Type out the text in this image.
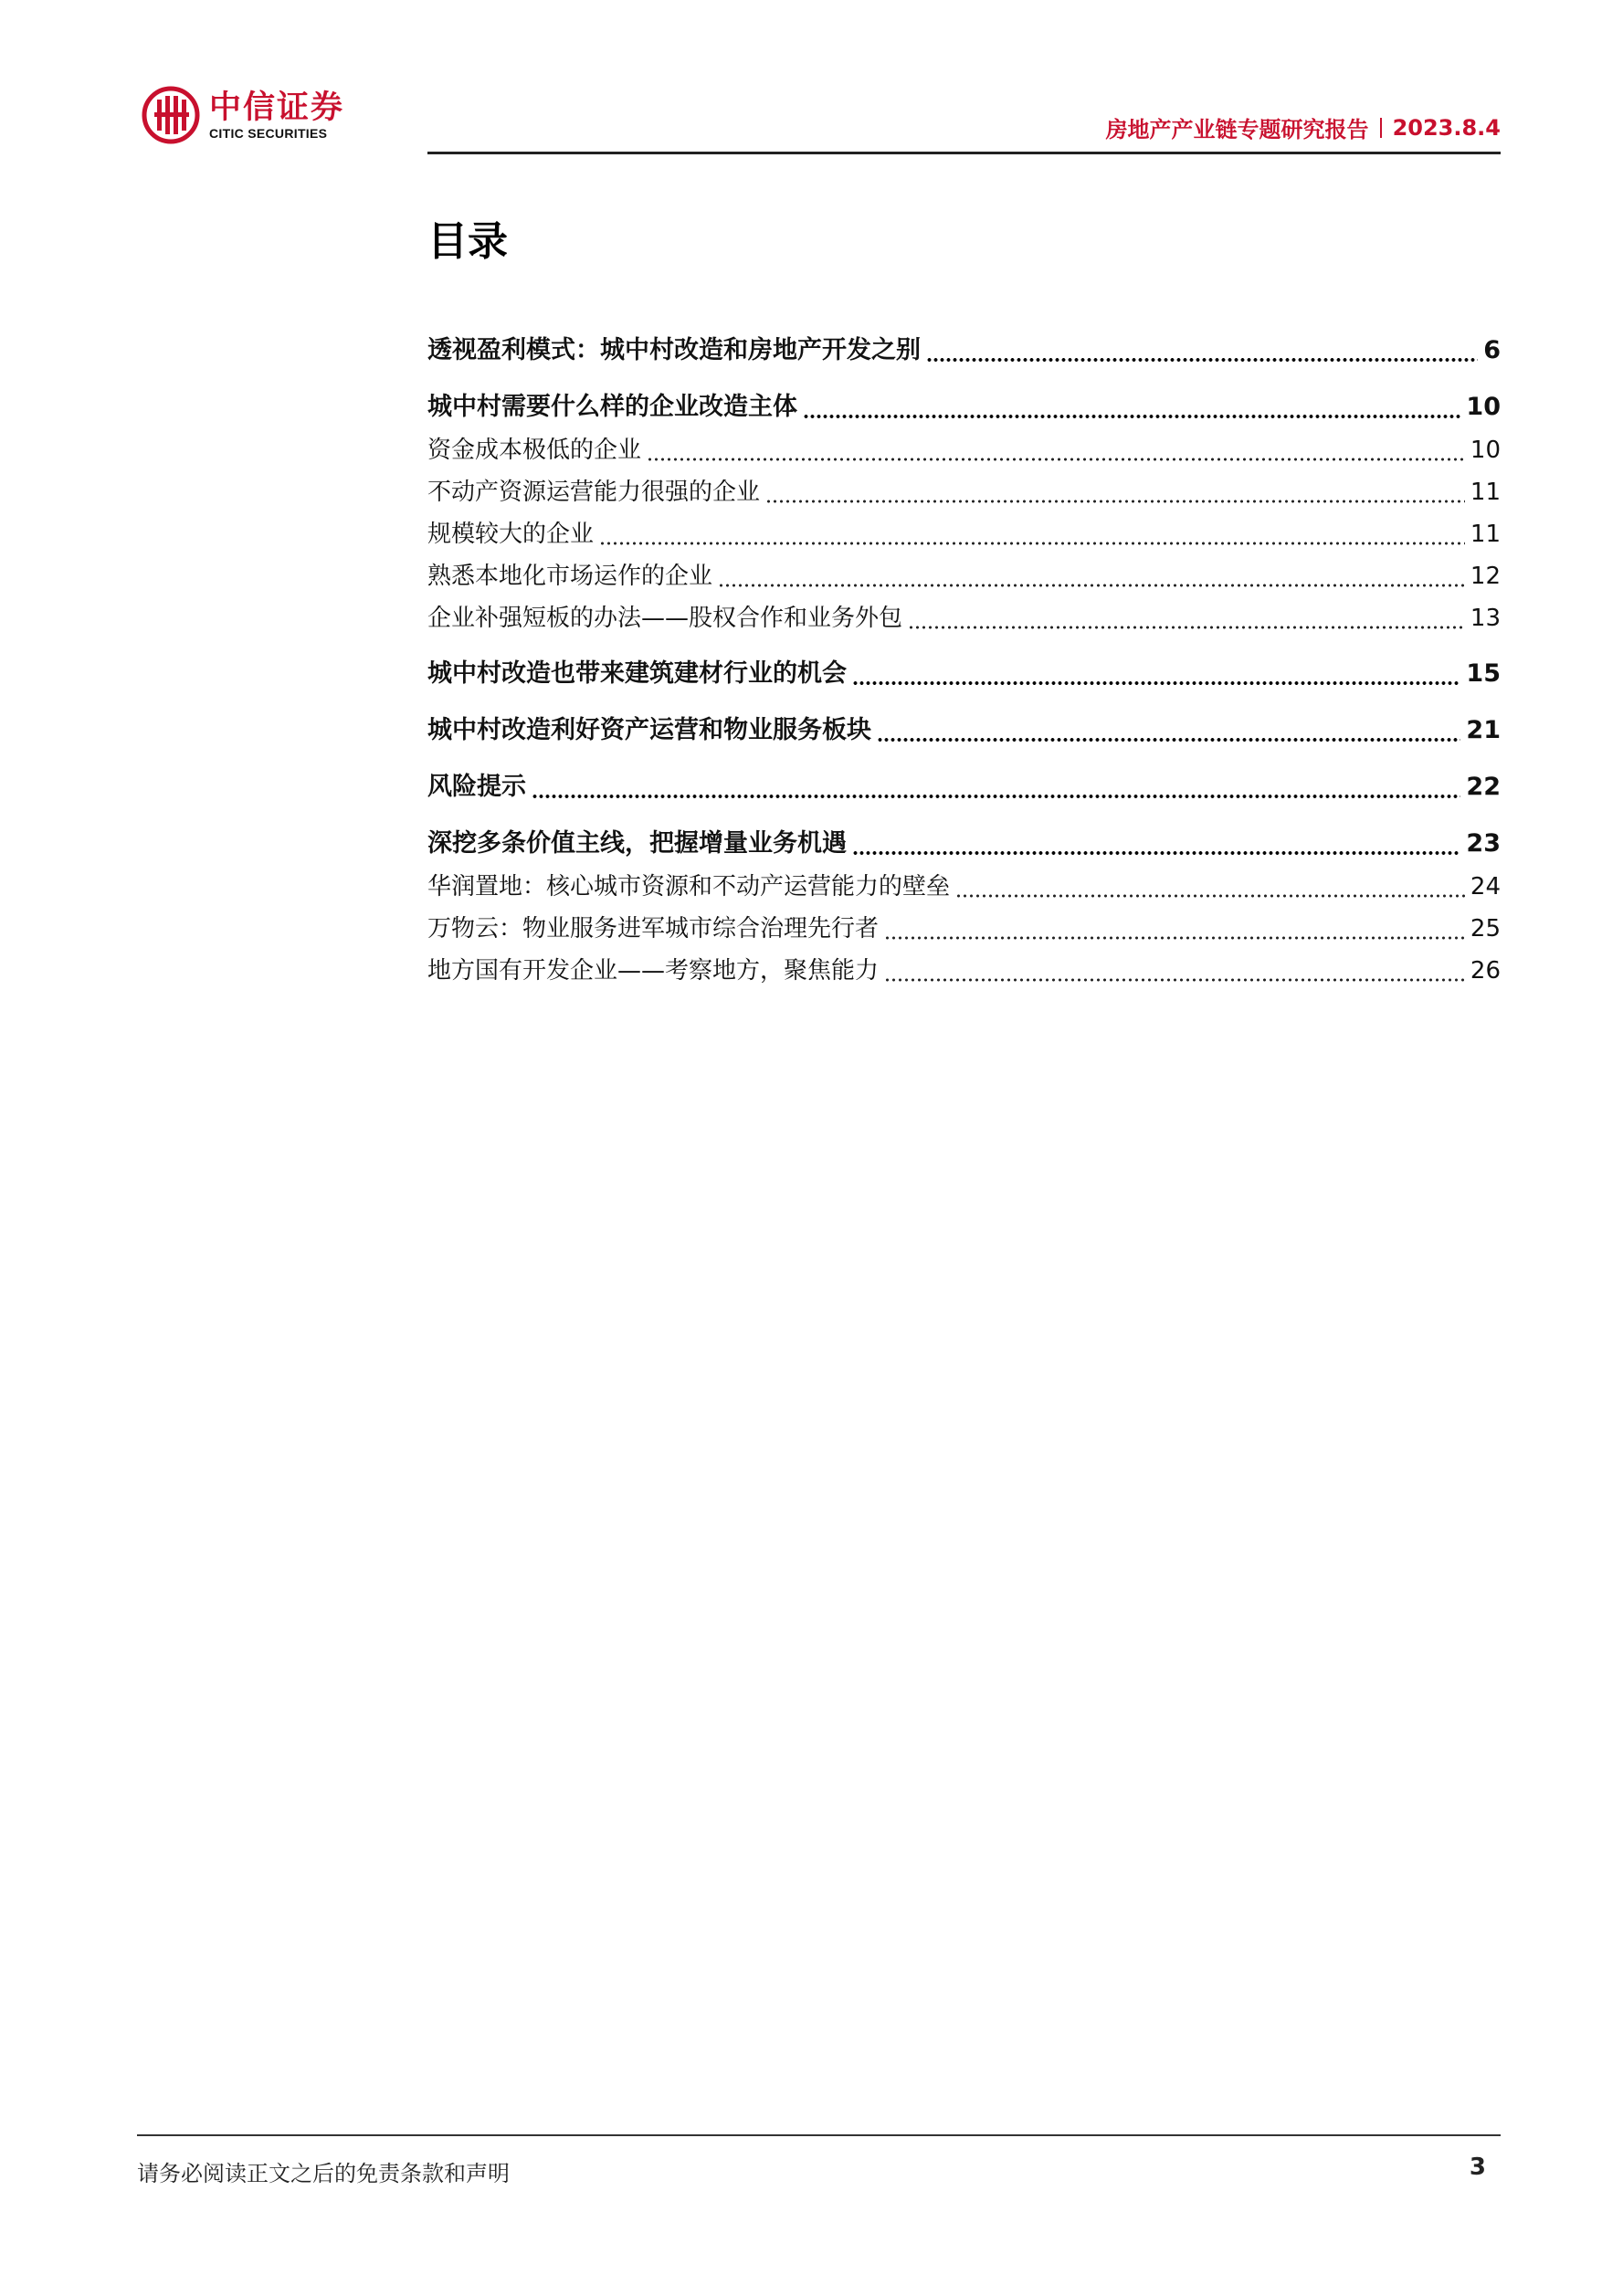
中信证券
CITIC SECURITIES	房地产产业链专题研究报告 2023.8.4
目录
透视盈利模式：城中村改造和房地产开发之别	6
城中村需要什么样的企业改造主体	10
资金成本极低的企业	10
不动产资源运营能力很强的企业	11
规模较大的企业	11
熟悉本地化市场运作的企业	12
企业补强短板的办法——股权合作和业务外包	13
城中村改造也带来建筑建材行业的机会	15
城中村改造利好资产运营和物业服务板块	21
风险提示	22
深挖多条价值主线，把握增量业务机遇	23
华润置地：核心城市资源和不动产运营能力的壁垒	24
万物云：物业服务进军城市综合治理先行者	25
地方国有开发企业——考察地方，聚焦能力	26
请务必阅读正文之后的免责条款和声明	3
